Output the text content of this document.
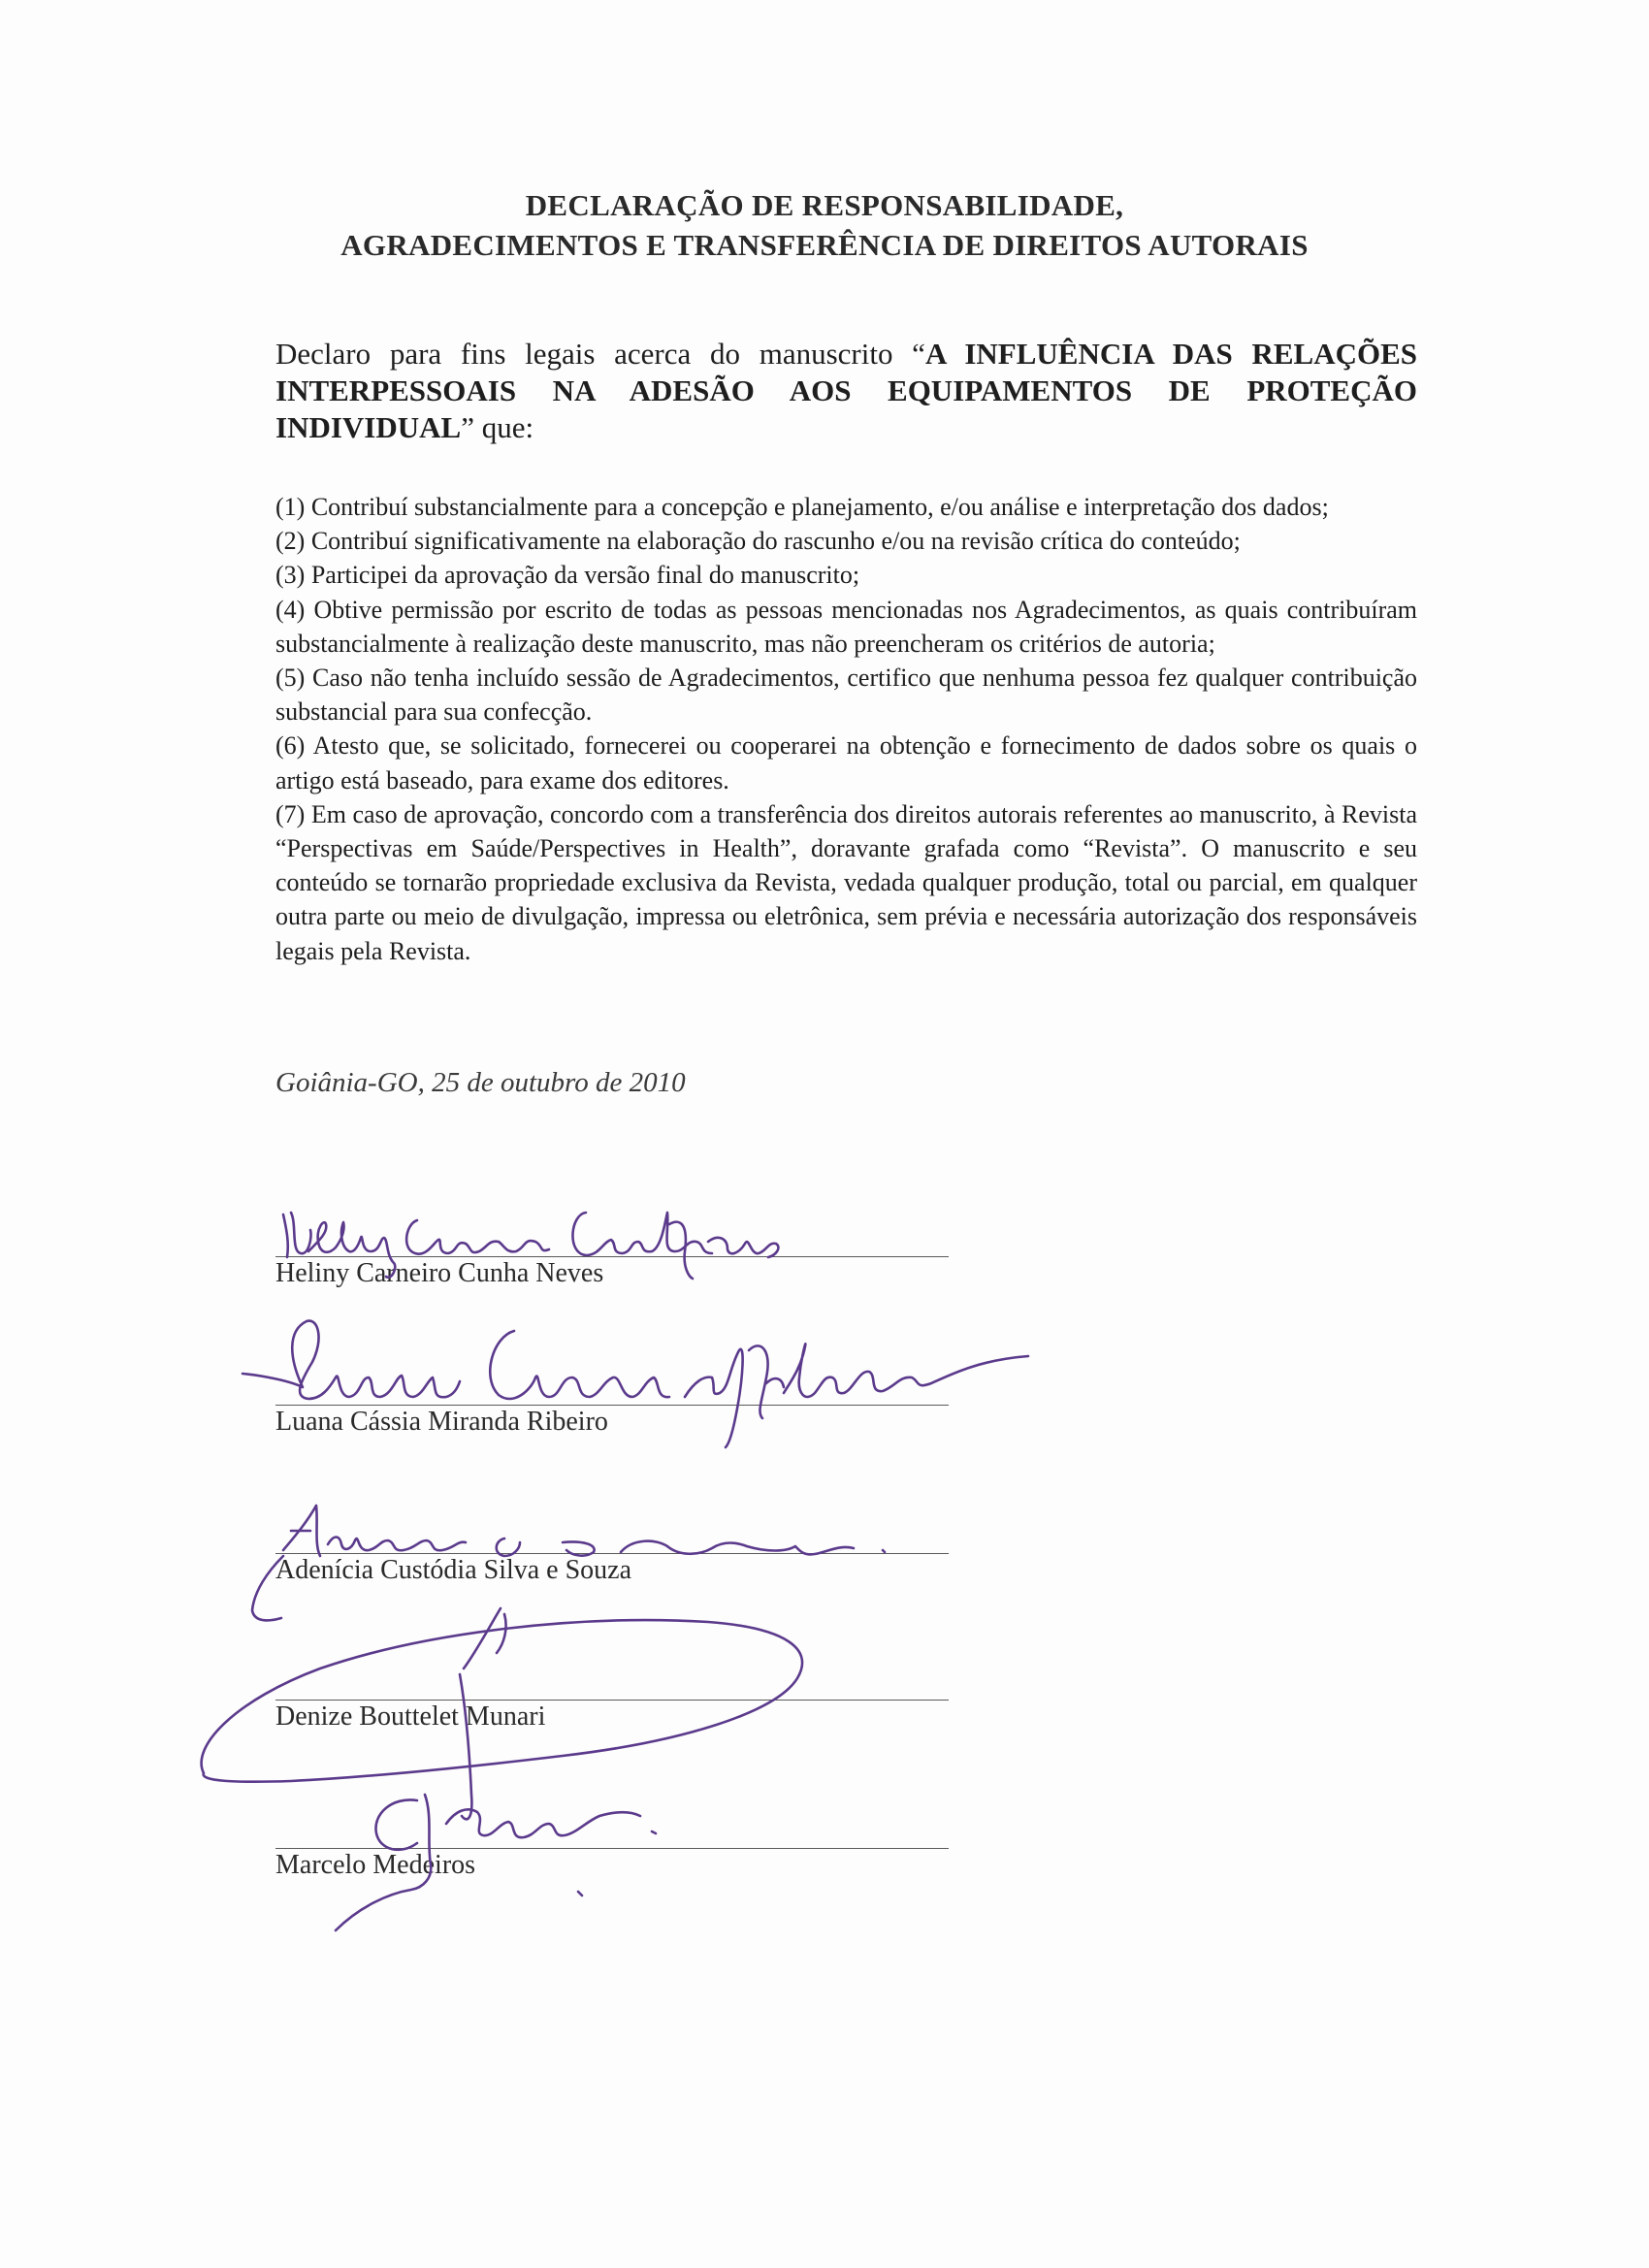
DECLARAÇÃO DE RESPONSABILIDADE,
AGRADECIMENTOS E TRANSFERÊNCIA DE DIREITOS AUTORAIS
Declaro para fins legais acerca do manuscrito “A INFLUÊNCIA DAS RELAÇÕES INTERPESSOAIS NA ADESÃO AOS EQUIPAMENTOS DE PROTEÇÃO INDIVIDUAL” que:

(1) Contribuí substancialmente para a concepção e planejamento, e/ou análise e interpretação dos dados;

(2) Contribuí significativamente na elaboração do rascunho e/ou na revisão crítica do conteúdo;

(3) Participei da aprovação da versão final do manuscrito;

(4) Obtive permissão por escrito de todas as pessoas mencionadas nos Agradecimentos, as quais contribuíram substancialmente à realização deste manuscrito, mas não preencheram os critérios de autoria;

(5) Caso não tenha incluído sessão de Agradecimentos, certifico que nenhuma pessoa fez qualquer contribuição substancial para sua confecção.

(6) Atesto que, se solicitado, fornecerei ou cooperarei na obtenção e fornecimento de dados sobre os quais o artigo está baseado, para exame dos editores.

(7) Em caso de aprovação, concordo com a transferência dos direitos autorais referentes ao manuscrito, à Revista “Perspectivas em Saúde/Perspectives in Health”, doravante grafada como “Revista”. O manuscrito e seu conteúdo se tornarão propriedade exclusiva da Revista, vedada qualquer produção, total ou parcial, em qualquer outra parte ou meio de divulgação, impressa ou eletrônica, sem prévia e necessária autorização dos responsáveis legais pela Revista.

Goiânia-GO, 25 de outubro de 2010
Heliny Carneiro Cunha Neves
Luana Cássia Miranda Ribeiro
Adenícia Custódia Silva e Souza
Denize Bouttelet Munari
Marcelo Medeiros
